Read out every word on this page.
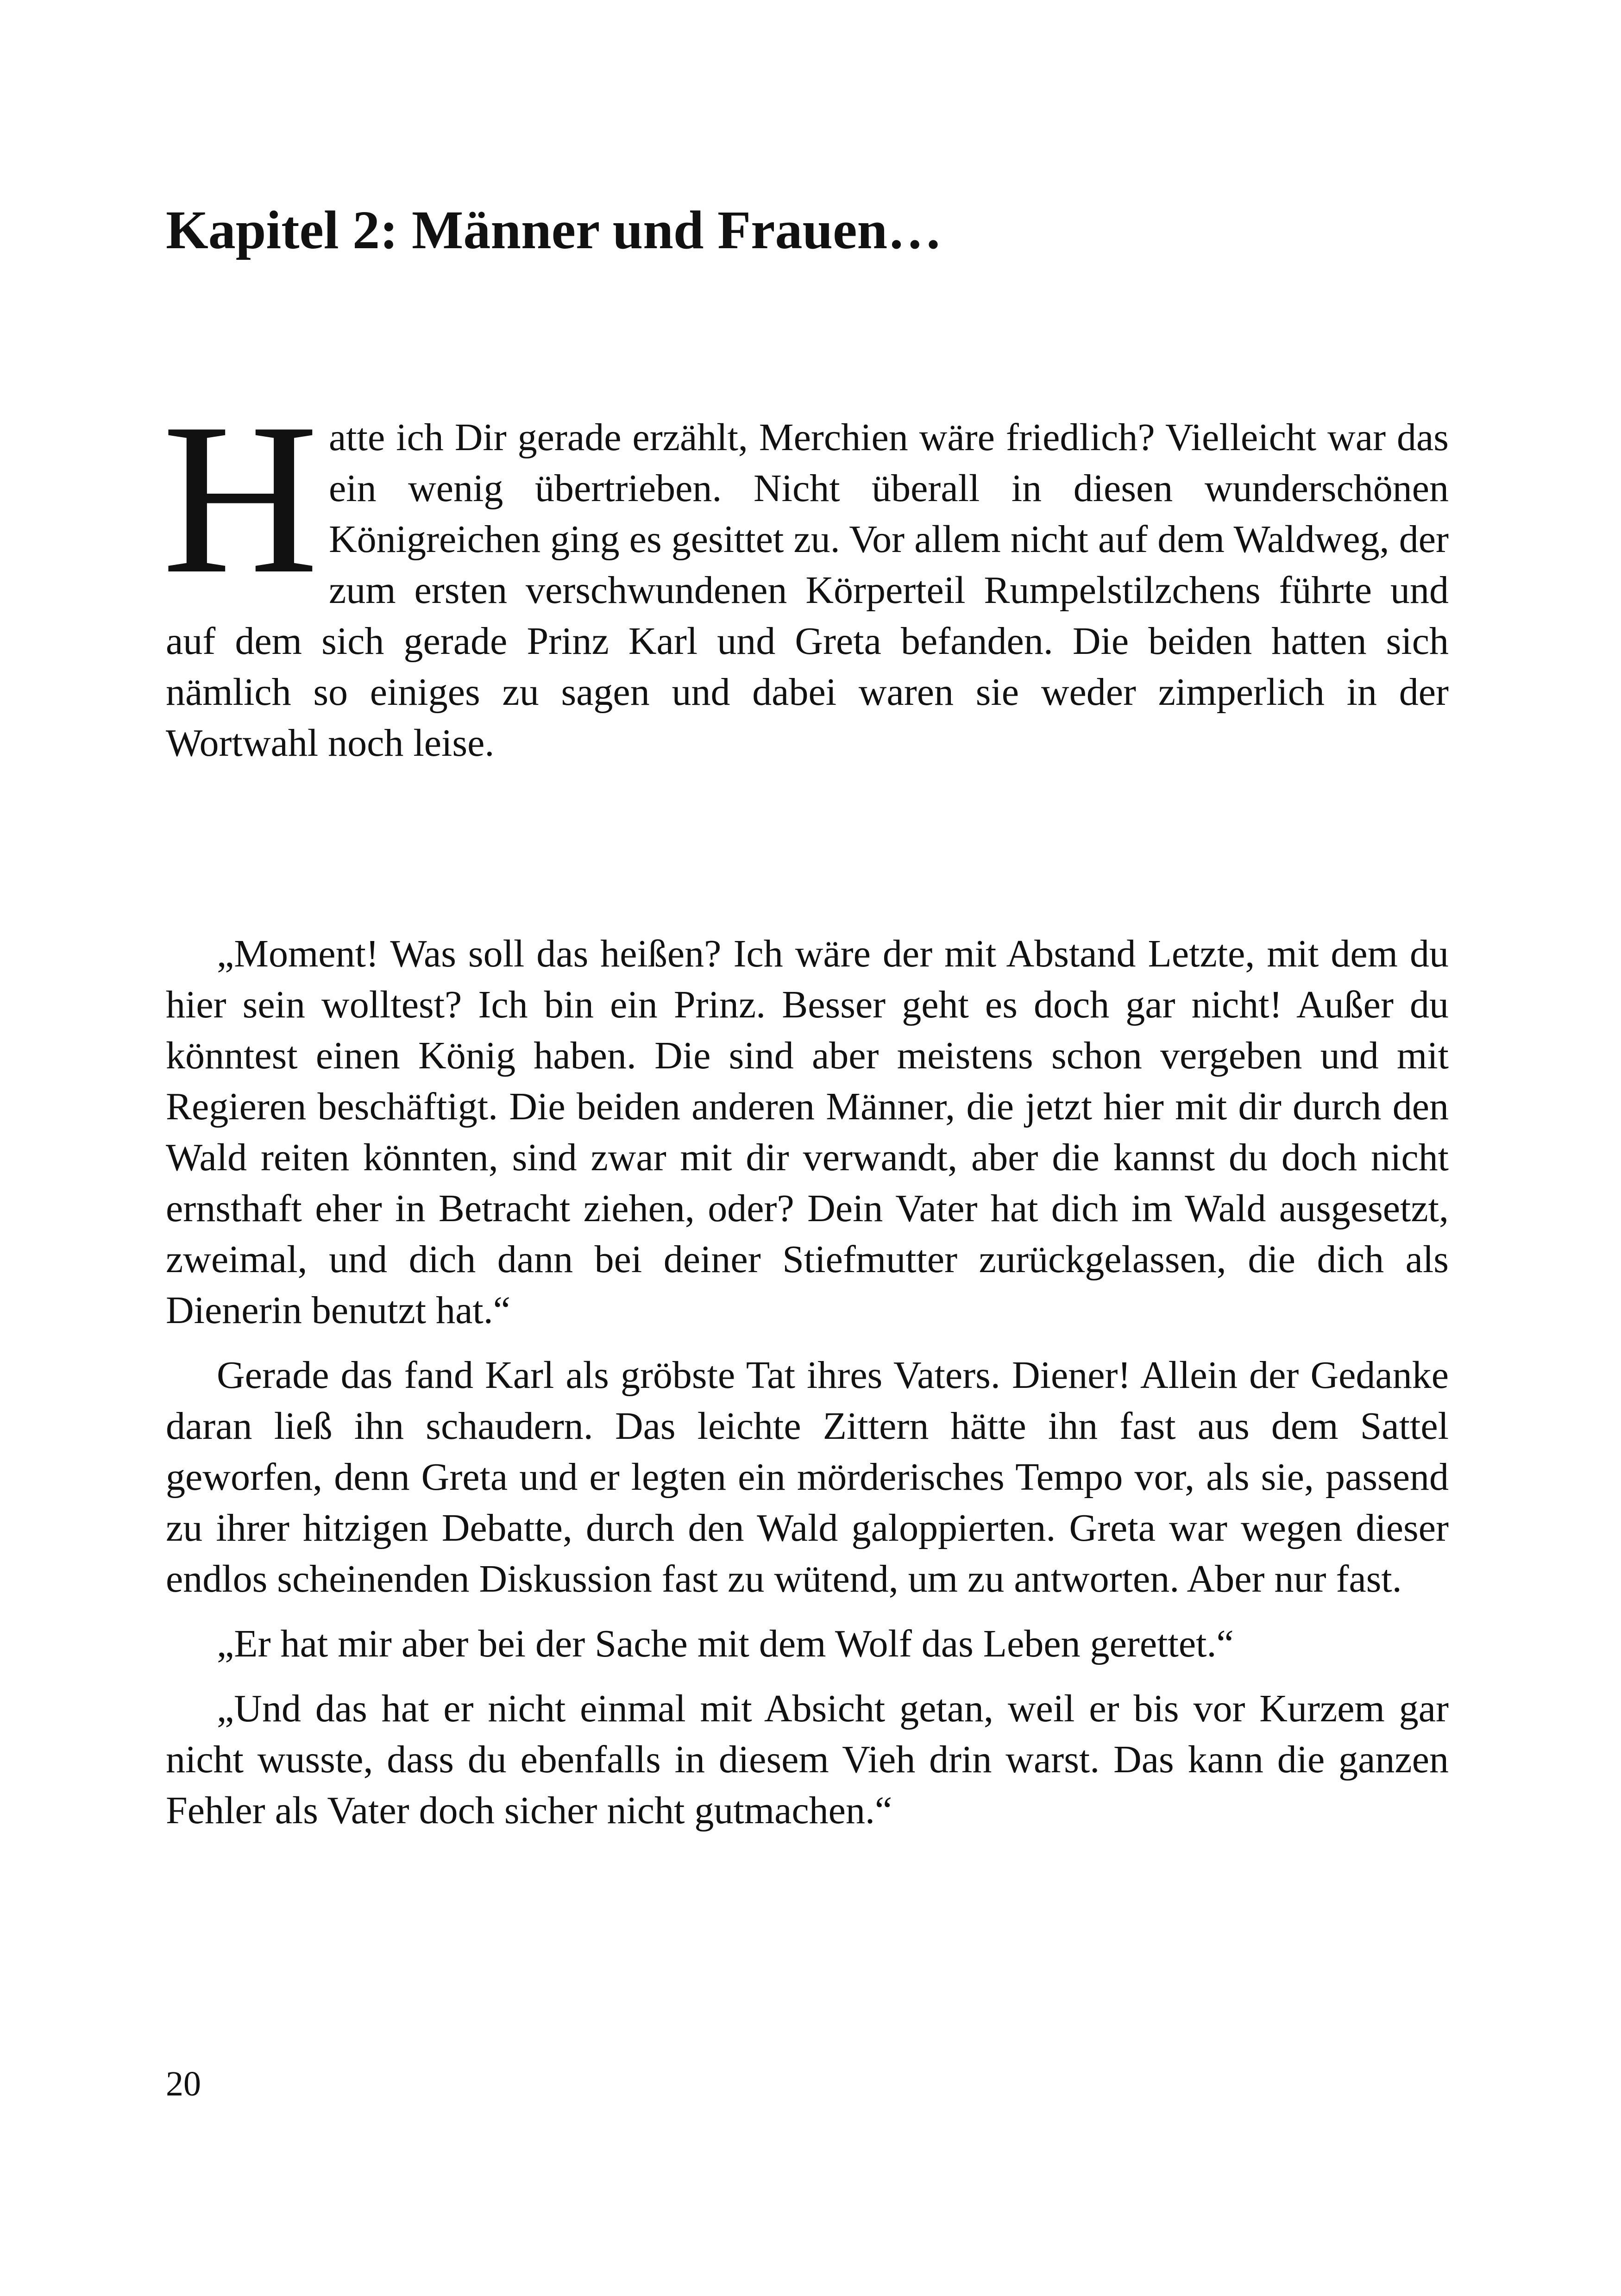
Kapitel 2: Männer und Frauen…
Hatte ich Dir gerade erzählt, Merchien wäre friedlich? Vielleicht war das ein wenig übertrieben. Nicht überall in diesen wunderschönen Königreichen ging es gesittet zu. Vor allem nicht auf dem Waldweg, der zum ersten verschwundenen Körperteil Rumpelstilzchens führte und auf dem sich gerade Prinz Karl und Greta befanden. Die beiden hatten sich nämlich so einiges zu sagen und dabei waren sie weder zimperlich in der Wortwahl noch leise.

„Moment! Was soll das heißen? Ich wäre der mit Abstand Letzte, mit dem du hier sein wolltest? Ich bin ein Prinz. Besser geht es doch gar nicht! Außer du könntest einen König haben. Die sind aber meistens schon vergeben und mit Regieren beschäftigt. Die beiden anderen Männer, die jetzt hier mit dir durch den Wald reiten könnten, sind zwar mit dir verwandt, aber die kannst du doch nicht ernsthaft eher in Betracht ziehen, oder? Dein Vater hat dich im Wald ausgesetzt, zweimal, und dich dann bei deiner Stiefmutter zurückgelassen, die dich als Dienerin benutzt hat.“

Gerade das fand Karl als gröbste Tat ihres Vaters. Diener! Allein der Gedanke daran ließ ihn schaudern. Das leichte Zittern hätte ihn fast aus dem Sattel geworfen, denn Greta und er legten ein mörderisches Tempo vor, als sie, passend zu ihrer hitzigen Debatte, durch den Wald galoppierten. Greta war wegen dieser endlos scheinenden Diskussion fast zu wütend, um zu antworten. Aber nur fast.

„Er hat mir aber bei der Sache mit dem Wolf das Leben gerettet.“

„Und das hat er nicht einmal mit Absicht getan, weil er bis vor Kurzem gar nicht wusste, dass du ebenfalls in diesem Vieh drin warst. Das kann die ganzen Fehler als Vater doch sicher nicht gutmachen.“

20
